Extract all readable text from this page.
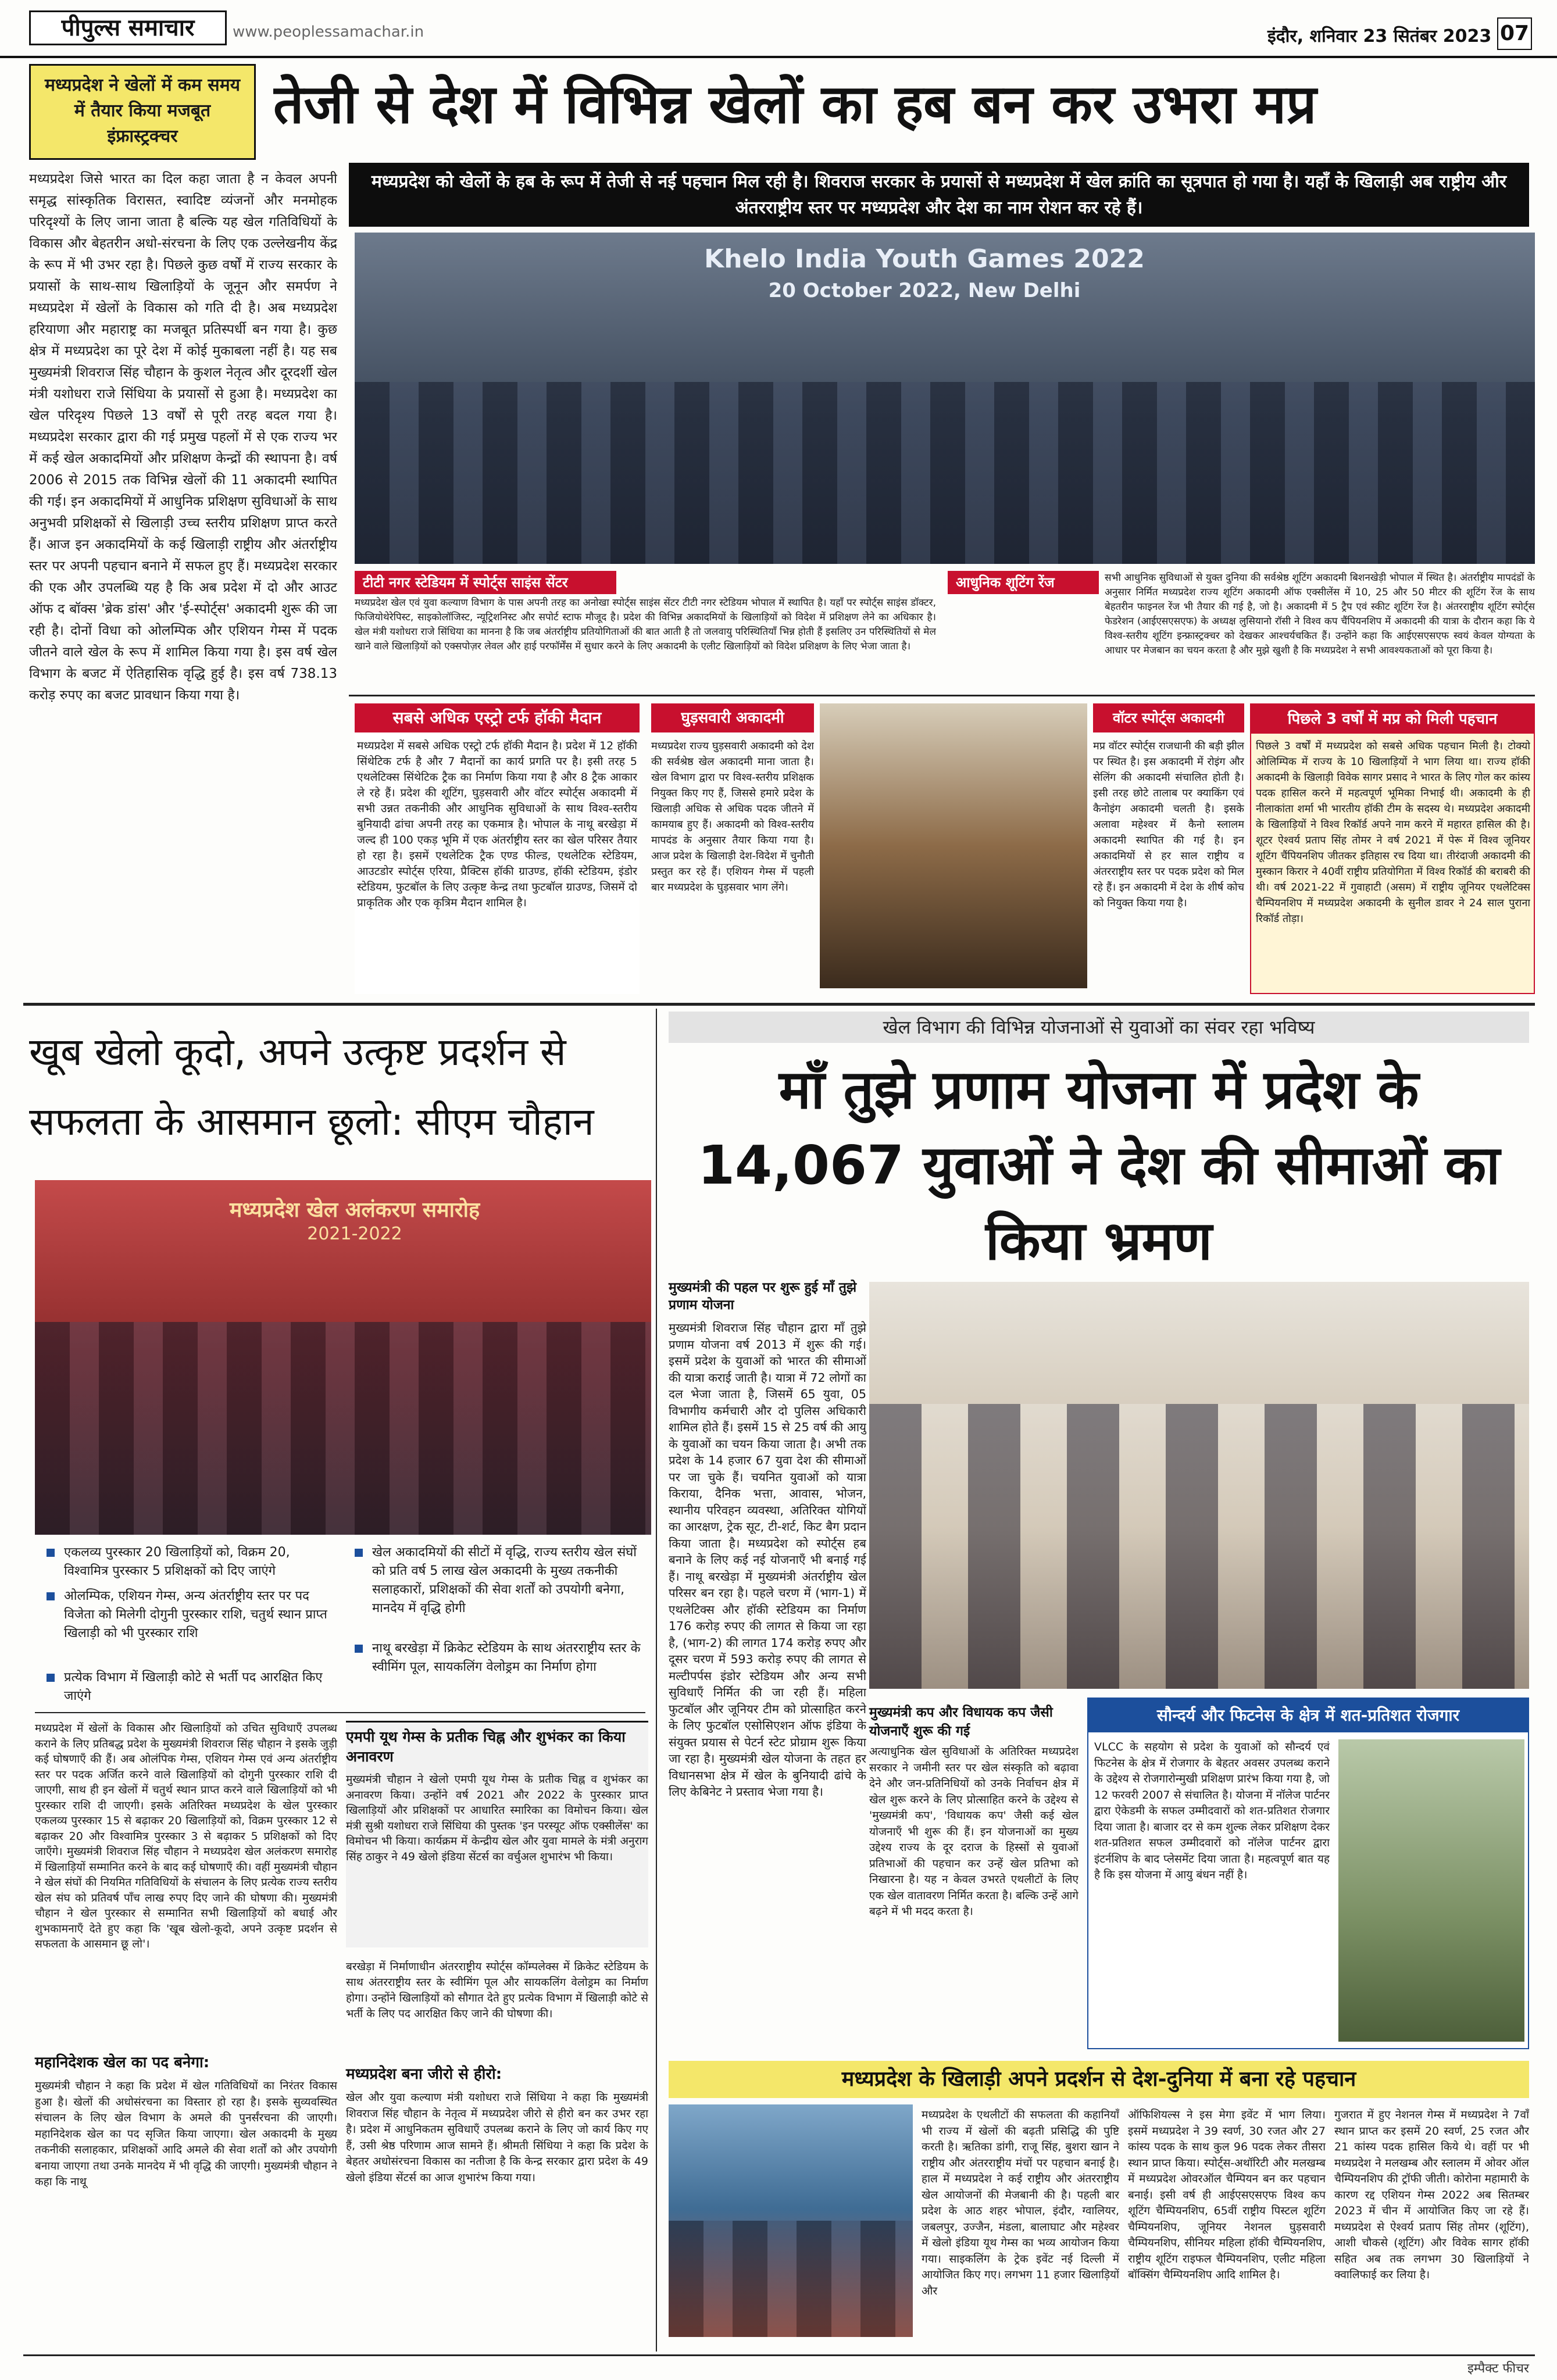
पीपुल्स समाचार	www.peoplessamachar.in	इंदौर, शनिवार 23 सितंबर 2023 07
मध्यप्रदेश ने खेलों में कम समय में तैयार किया मजबूत इंफ्रास्ट्रक्चर
तेजी से देश में विभिन्न खेलों का हब बन कर उभरा मप्र
मध्यप्रदेश जिसे भारत का दिल कहा जाता है न केवल अपनी समृद्ध सांस्कृतिक विरासत, स्वादिष्ट व्यंजनों और मनमोहक परिदृश्यों के लिए जाना जाता है बल्कि यह खेल गतिविधियों के विकास और बेहतरीन अधो-संरचना के लिए एक उल्लेखनीय केंद्र के रूप में भी उभर रहा है। पिछले कुछ वर्षों में राज्य सरकार के प्रयासों के साथ-साथ खिलाड़ियों के जूनून और समर्पण ने मध्यप्रदेश में खेलों के विकास को गति दी है। अब मध्यप्रदेश हरियाणा और महाराष्ट्र का मजबूत प्रतिस्पर्धी बन गया है। कुछ क्षेत्र में मध्यप्रदेश का पूरे देश में कोई मुकाबला नहीं है। यह सब मुख्यमंत्री शिवराज सिंह चौहान के कुशल नेतृत्व और दूरदर्शी खेल मंत्री यशोधरा राजे सिंधिया के प्रयासों से हुआ है। मध्यप्रदेश का खेल परिदृश्य पिछले 13 वर्षों से पूरी तरह बदल गया है। मध्यप्रदेश सरकार द्वारा की गई प्रमुख पहलों में से एक राज्य भर में कई खेल अकादमियों और प्रशिक्षण केन्द्रों की स्थापना है। वर्ष 2006 से 2015 तक विभिन्न खेलों की 11 अकादमी स्थापित की गई। इन अकादमियों में आधुनिक प्रशिक्षण सुविधाओं के साथ अनुभवी प्रशिक्षकों से खिलाड़ी उच्च स्तरीय प्रशिक्षण प्राप्त करते हैं। आज इन अकादमियों के कई खिलाड़ी राष्ट्रीय और अंतर्राष्ट्रीय स्तर पर अपनी पहचान बनाने में सफल हुए हैं। मध्यप्रदेश सरकार की एक और उपलब्धि यह है कि अब प्रदेश में दो और आउट ऑफ द बॉक्स 'ब्रेक डांस' और 'ई-स्पोर्ट्स' अकादमी शुरू की जा रही है। दोनों विधा को ओलम्पिक और एशियन गेम्स में पदक जीतने वाले खेल के रूप में शामिल किया गया है। इस वर्ष खेल विभाग के बजट में ऐतिहासिक वृद्धि हुई है। इस वर्ष 738.13 करोड़ रुपए का बजट प्रावधान किया गया है।
मध्यप्रदेश को खेलों के हब के रूप में तेजी से नई पहचान मिल रही है। शिवराज सरकार के प्रयासों से मध्यप्रदेश में खेल क्रांति का सूत्रपात हो गया है। यहाँ के खिलाड़ी अब राष्ट्रीय और अंतरराष्ट्रीय स्तर पर मध्यप्रदेश और देश का नाम रोशन कर रहे हैं।
Khelo India Youth Games 2022
20 October 2022, New Delhi
टीटी नगर स्टेडियम में स्पोर्ट्स साइंस सेंटर
मध्यप्रदेश खेल एवं युवा कल्याण विभाग के पास अपनी तरह का अनोखा स्पोर्ट्स साइंस सेंटर टीटी नगर स्टेडियम भोपाल में स्थापित है। यहाँ पर स्पोर्ट्स साइंस डॉक्टर, फिजियोथेरेपिस्ट, साइकोलॉजिस्ट, न्यूट्रिशनिस्ट और सपोर्ट स्टाफ मौजूद है। प्रदेश की विभिन्न अकादमियों के खिलाड़ियों को विदेश में प्रशिक्षण लेने का अधिकार है। खेल मंत्री यशोधरा राजे सिंधिया का मानना है कि जब अंतर्राष्ट्रीय प्रतियोगिताओं की बात आती है तो जलवायु परिस्थितियाँ भिन्न होती हैं इसलिए उन परिस्थितियों से मेल खाने वाले खिलाड़ियों को एक्सपोज़र लेवल और हाई परफॉर्मेंस में सुधार करने के लिए अकादमी के एलीट खिलाड़ियों को विदेश प्रशिक्षण के लिए भेजा जाता है।
आधुनिक शूटिंग रेंज	सभी आधुनिक सुविधाओं से युक्त दुनिया की सर्वश्रेष्ठ शूटिंग अकादमी बिशनखेड़ी भोपाल में स्थित है। अंतर्राष्ट्रीय मापदंडों के अनुसार निर्मित मध्यप्रदेश राज्य शूटिंग अकादमी ऑफ एक्सीलेंस में 10, 25 और 50 मीटर की शूटिंग रेंज के साथ बेहतरीन फाइनल रेंज भी तैयार की गई है, जो है। अकादमी में 5 ट्रैप एवं स्कीट शूटिंग रेंज है। अंतरराष्ट्रीय शूटिंग स्पोर्ट्स फेडरेशन (आईएसएसएफ) के अध्यक्ष लुसियानो रॉसी ने विश्व कप चैंपियनशिप में अकादमी की यात्रा के दौरान कहा कि ये विश्व-स्तरीय शूटिंग इन्फ्रास्ट्रक्चर को देखकर आश्चर्यचकित हैं। उन्होंने कहा कि आईएसएसएफ स्वयं केवल योग्यता के आधार पर मेजबान का चयन करता है और मुझे खुशी है कि मध्यप्रदेश ने सभी आवश्यकताओं को पूरा किया है।
सबसे अधिक एस्ट्रो टर्फ हॉकी मैदान
मध्यप्रदेश में सबसे अधिक एस्ट्रो टर्फ हॉकी मैदान है। प्रदेश में 12 हॉकी सिंथेटिक टर्फ है और 7 मैदानों का कार्य प्रगति पर है। इसी तरह 5 एथलेटिक्स सिंथेटिक ट्रैक का निर्माण किया गया है और 8 ट्रैक आकार ले रहे हैं। प्रदेश की शूटिंग, घुड़सवारी और वॉटर स्पोर्ट्स अकादमी में सभी उन्नत तकनीकी और आधुनिक सुविधाओं के साथ विश्व-स्तरीय बुनियादी ढांचा अपनी तरह का एकमात्र है। भोपाल के नाथू बरखेड़ा में जल्द ही 100 एकड़ भूमि में एक अंतर्राष्ट्रीय स्तर का खेल परिसर तैयार हो रहा है। इसमें एथलेटिक ट्रैक एण्ड फील्ड, एथलेटिक स्टेडियम, आउटडोर स्पोर्ट्स एरिया, प्रैक्टिस हॉकी ग्राउण्ड, हॉकी स्टेडियम, इंडोर स्टेडियम, फुटबॉल के लिए उत्कृष्ट केन्द्र तथा फुटबॉल ग्राउण्ड, जिसमें दो प्राकृतिक और एक कृत्रिम मैदान शामिल है।
घुड़सवारी अकादमी
मध्यप्रदेश राज्य घुड़सवारी अकादमी को देश की सर्वश्रेष्ठ खेल अकादमी माना जाता है। खेल विभाग द्वारा पर विश्व-स्तरीय प्रशिक्षक नियुक्त किए गए हैं, जिससे हमारे प्रदेश के खिलाड़ी अधिक से अधिक पदक जीतने में कामयाब हुए हैं। अकादमी को विश्व-स्तरीय मापदंड के अनुसार तैयार किया गया है। आज प्रदेश के खिलाड़ी देश-विदेश में चुनौती प्रस्तुत कर रहे हैं। एशियन गेम्स में पहली बार मध्यप्रदेश के घुड़सवार भाग लेंगे।
वॉटर स्पोर्ट्स अकादमी
मप्र वॉटर स्पोर्ट्स राजधानी की बड़ी झील पर स्थित है। इस अकादमी में रोइंग और सेलिंग की अकादमी संचालित होती है। इसी तरह छोटे तालाब पर क्याकिंग एवं कैनोइंग अकादमी चलती है। इसके अलावा महेश्वर में कैनो स्लालम अकादमी स्थापित की गई है। इन अकादमियों से हर साल राष्ट्रीय व अंतरराष्ट्रीय स्तर पर पदक प्रदेश को मिल रहे हैं। इन अकादमी में देश के शीर्ष कोच को नियुक्त किया गया है।
पिछले 3 वर्षों में मप्र को मिली पहचान
पिछले 3 वर्षों में मध्यप्रदेश को सबसे अधिक पहचान मिली है। टोक्यो ओलिम्पिक में राज्य के 10 खिलाड़ियों ने भाग लिया था। राज्य हॉकी अकादमी के खिलाड़ी विवेक सागर प्रसाद ने भारत के लिए गोल कर कांस्य पदक हासिल करने में महत्वपूर्ण भूमिका निभाई थी। अकादमी के ही नीलाकांता शर्मा भी भारतीय हॉकी टीम के सदस्य थे। मध्यप्रदेश अकादमी के खिलाड़ियों ने विश्व रिकॉर्ड अपने नाम करने में महारत हासिल की है। शूटर ऐश्वर्य प्रताप सिंह तोमर ने वर्ष 2021 में पेरू में विश्व जूनियर शूटिंग चैंपियनशिप जीतकर इतिहास रच दिया था। तीरंदाजी अकादमी की मुस्कान किरार ने 40वीं राष्ट्रीय प्रतियोगिता में विश्व रिकॉर्ड की बराबरी की थी। वर्ष 2021-22 में गुवाहाटी (असम) में राष्ट्रीय जूनियर एथलेटिक्स चैम्पियनशिप में मध्यप्रदेश अकादमी के सुनील डावर ने 24 साल पुराना रिकॉर्ड तोड़ा।
खूब खेलो कूदो, अपने उत्कृष्ट प्रदर्शन से सफलता के आसमान छूलो: सीएम चौहान
मध्यप्रदेश खेल अलंकरण समारोह
2021-2022
एकलव्य पुरस्कार 20 खिलाड़ियों को, विक्रम 20, विश्वामित्र पुरस्कार 5 प्रशिक्षकों को दिए जाएंगे
ओलम्पिक, एशियन गेम्स, अन्य अंतर्राष्ट्रीय स्तर पर पद विजेता को मिलेगी दोगुनी पुरस्कार राशि, चतुर्थ स्थान प्राप्त खिलाड़ी को भी पुरस्कार राशि
प्रत्येक विभाग में खिलाड़ी कोटे से भर्ती पद आरक्षित किए जाएंगे
खेल अकादमियों की सीटों में वृद्धि, राज्य स्तरीय खेल संघों को प्रति वर्ष 5 लाख खेल अकादमी के मुख्य तकनीकी सलाहकारों, प्रशिक्षकों की सेवा शर्तों को उपयोगी बनेगा, मानदेय में वृद्धि होगी
नाथू बरखेड़ा में क्रिकेट स्टेडियम के साथ अंतरराष्ट्रीय स्तर के स्वीमिंग पूल, सायकलिंग वेलोड्रम का निर्माण होगा
मध्यप्रदेश में खेलों के विकास और खिलाड़ियों को उचित सुविधाएँ उपलब्ध कराने के लिए प्रतिबद्ध प्रदेश के मुख्यमंत्री शिवराज सिंह चौहान ने इसके जुड़ी कई घोषणाएँ की हैं। अब ओलंपिक गेम्स, एशियन गेम्स एवं अन्य अंतर्राष्ट्रीय स्तर पर पदक अर्जित करने वाले खिलाड़ियों को दोगुनी पुरस्कार राशि दी जाएगी, साथ ही इन खेलों में चतुर्थ स्थान प्राप्त करने वाले खिलाड़ियों को भी पुरस्कार राशि दी जाएगी। इसके अतिरिक्त मध्यप्रदेश के खेल पुरस्कार एकलव्य पुरस्कार 15 से बढ़ाकर 20 खिलाड़ियों को, विक्रम पुरस्कार 12 से बढ़ाकर 20 और विश्वामित्र पुरस्कार 3 से बढ़ाकर 5 प्रशिक्षकों को दिए जाएँगे। मुख्यमंत्री शिवराज सिंह चौहान ने मध्यप्रदेश खेल अलंकरण समारोह में खिलाड़ियों सम्मानित करने के बाद कई घोषणाएँ की। वहीं मुख्यमंत्री चौहान ने खेल संघों की नियमित गतिविधियों के संचालन के लिए प्रत्येक राज्य स्तरीय खेल संघ को प्रतिवर्ष पाँच लाख रुपए दिए जाने की घोषणा की। मुख्यमंत्री चौहान ने खेल पुरस्कार से सम्मानित सभी खिलाड़ियों को बधाई और शुभकामनाएँ देते हुए कहा कि 'खूब खेलो-कूदो, अपने उत्कृष्ट प्रदर्शन से सफलता के आसमान छू लो'।
महानिदेशक खेल का पद बनेगा:
मुख्यमंत्री चौहान ने कहा कि प्रदेश में खेल गतिविधियों का निरंतर विकास हुआ है। खेलों की अधोसंरचना का विस्तार हो रहा है। इसके सुव्यवस्थित संचालन के लिए खेल विभाग के अमले की पुनर्संरचना की जाएगी। महानिदेशक खेल का पद सृजित किया जाएगा। खेल अकादमी के मुख्य तकनीकी सलाहकार, प्रशिक्षकों आदि अमले की सेवा शर्तों को और उपयोगी बनाया जाएगा तथा उनके मानदेय में भी वृद्धि की जाएगी। मुख्यमंत्री चौहान ने कहा कि नाथू
एमपी यूथ गेम्स के प्रतीक चिह्न और शुभंकर का किया अनावरण
मुख्यमंत्री चौहान ने खेलो एमपी यूथ गेम्स के प्रतीक चिह्न व शुभंकर का अनावरण किया। उन्होंने वर्ष 2021 और 2022 के पुरस्कार प्राप्त खिलाड़ियों और प्रशिक्षकों पर आधारित स्मारिका का विमोचन किया। खेल मंत्री सुश्री यशोधरा राजे सिंधिया की पुस्तक 'इन परस्यूट ऑफ एक्सीलेंस' का विमोचन भी किया। कार्यक्रम में केन्द्रीय खेल और युवा मामले के मंत्री अनुराग सिंह ठाकुर ने 49 खेलो इंडिया सेंटर्स का वर्चुअल शुभारंभ भी किया।
बरखेड़ा में निर्माणाधीन अंतरराष्ट्रीय स्पोर्ट्स कॉम्पलेक्स में क्रिकेट स्टेडियम के साथ अंतरराष्ट्रीय स्तर के स्वीमिंग पूल और सायकलिंग वेलोड्रम का निर्माण होगा। उन्होंने खिलाड़ियों को सौगात देते हुए प्रत्येक विभाग में खिलाड़ी कोटे से भर्ती के लिए पद आरक्षित किए जाने की घोषणा की।
मध्यप्रदेश बना जीरो से हीरो:
खेल और युवा कल्याण मंत्री यशोधरा राजे सिंधिया ने कहा कि मुख्यमंत्री शिवराज सिंह चौहान के नेतृत्व में मध्यप्रदेश जीरो से हीरो बन कर उभर रहा है। प्रदेश में आधुनिकतम सुविधाएँ उपलब्ध कराने के लिए जो कार्य किए गए हैं, उसी श्रेष्ठ परिणाम आज सामने हैं। श्रीमती सिंधिया ने कहा कि प्रदेश के बेहतर अधोसंरचना विकास का नतीजा है कि केन्द्र सरकार द्वारा प्रदेश के 49 खेलो इंडिया सेंटर्स का आज शुभारंभ किया गया।
खेल विभाग की विभिन्न योजनाओं से युवाओं का संवर रहा भविष्य
माँ तुझे प्रणाम योजना में प्रदेश के 14,067 युवाओं ने देश की सीमाओं का किया भ्रमण
मुख्यमंत्री की पहल पर शुरू हुई माँ तुझे प्रणाम योजना
मुख्यमंत्री शिवराज सिंह चौहान द्वारा माँ तुझे प्रणाम योजना वर्ष 2013 में शुरू की गई। इसमें प्रदेश के युवाओं को भारत की सीमाओं की यात्रा कराई जाती है। यात्रा में 72 लोगों का दल भेजा जाता है, जिसमें 65 युवा, 05 विभागीय कर्मचारी और दो पुलिस अधिकारी शामिल होते हैं। इसमें 15 से 25 वर्ष की आयु के युवाओं का चयन किया जाता है। अभी तक प्रदेश के 14 हजार 67 युवा देश की सीमाओं पर जा चुके हैं। चयनित युवाओं को यात्रा किराया, दैनिक भत्ता, आवास, भोजन, स्थानीय परिवहन व्यवस्था, अतिरिक्त योगियों का आरक्षण, ट्रेक सूट, टी-शर्ट, किट बैग प्रदान किया जाता है। मध्यप्रदेश को स्पोर्ट्स हब बनाने के लिए कई नई योजनाएँ भी बनाई गई हैं। नाथू बरखेड़ा में मुख्यमंत्री अंतर्राष्ट्रीय खेल परिसर बन रहा है। पहले चरण में (भाग-1) में एथलेटिक्स और हॉकी स्टेडियम का निर्माण 176 करोड़ रुपए की लागत से किया जा रहा है, (भाग-2) की लागत 174 करोड़ रुपए और दूसर चरण में 593 करोड़ रुपए की लागत से मल्टीपर्पस इंडोर स्टेडियम और अन्य सभी सुविधाएँ निर्मित की जा रही हैं। महिला फुटबॉल और जूनियर टीम को प्रोत्साहित करने के लिए फुटबॉल एसोसिएशन ऑफ इंडिया के संयुक्त प्रयास से पेटर्न स्टेट प्रोग्राम शुरू किया जा रहा है। मुख्यमंत्री खेल योजना के तहत हर विधानसभा क्षेत्र में खेल के बुनियादी ढांचे के लिए केबिनेट ने प्रस्ताव भेजा गया है।
मुख्यमंत्री कप और विधायक कप जैसी योजनाएँ शुरू की गई
अत्याधुनिक खेल सुविधाओं के अतिरिक्त मध्यप्रदेश सरकार ने जमीनी स्तर पर खेल संस्कृति को बढ़ावा देने और जन-प्रतिनिधियों को उनके निर्वाचन क्षेत्र में खेल शुरू करने के लिए प्रोत्साहित करने के उद्देश्य से 'मुख्यमंत्री कप', 'विधायक कप' जैसी कई खेल योजनाएँ भी शुरू की हैं। इन योजनाओं का मुख्य उद्देश्य राज्य के दूर दराज के हिस्सों से युवाओं प्रतिभाओं की पहचान कर उन्हें खेल प्रतिभा को निखारना है। यह न केवल उभरते एथलीटों के लिए एक खेल वातावरण निर्मित करता है। बल्कि उन्हें आगे बढ़ने में भी मदद करता है।
सौन्दर्य और फिटनेस के क्षेत्र में शत-प्रतिशत रोजगार
VLCC के सहयोग से प्रदेश के युवाओं को सौन्दर्य एवं फिटनेस के क्षेत्र में रोजगार के बेहतर अवसर उपलब्ध कराने के उद्देश्य से रोजगारोन्मुखी प्रशिक्षण प्रारंभ किया गया है, जो 12 फरवरी 2007 से संचालित है। योजना में नॉलेज पार्टनर द्वारा ऐकेडमी के सफल उम्मीदवारों को शत-प्रतिशत रोजगार दिया जाता है। बाजार दर से कम शुल्क लेकर प्रशिक्षण देकर शत-प्रतिशत सफल उम्मीदवारों को नॉलेज पार्टनर द्वारा इंटर्नशिप के बाद प्लेसमेंट दिया जाता है। महत्वपूर्ण बात यह है कि इस योजना में आयु बंधन नहीं है।
मध्यप्रदेश के खिलाड़ी अपने प्रदर्शन से देश-दुनिया में बना रहे पहचान
मध्यप्रदेश के एथलीटों की सफलता की कहानियाँ भी राज्य में खेलों की बढ़ती प्रसिद्धि की पुष्टि करती है। ऋतिका डांगी, राजू सिंह, बुशरा खान ने राष्ट्रीय और अंतरराष्ट्रीय मंचों पर पहचान बनाई है। हाल में मध्यप्रदेश ने कई राष्ट्रीय और अंतरराष्ट्रीय खेल आयोजनों की मेजबानी की है। पहली बार प्रदेश के आठ शहर भोपाल, इंदौर, ग्वालियर, जबलपुर, उज्जैन, मंडला, बालाघाट और महेश्वर में खेलो इंडिया यूथ गेम्स का भव्य आयोजन किया गया। साइकलिंग के ट्रेक इवेंट नई दिल्ली में आयोजित किए गए। लगभग 11 हजार खिलाड़ियों और
ऑफिशियल्स ने इस मेगा इवेंट में भाग लिया। इसमें मध्यप्रदेश ने 39 स्वर्ण, 30 रजत और 27 कांस्य पदक के साथ कुल 96 पदक लेकर तीसरा स्थान प्राप्त किया। स्पोर्ट्स-अथॉरिटी और मलखम्ब में मध्यप्रदेश ओवरऑल चैम्पियन बन कर पहचान बनाई। इसी वर्ष ही आईएसएसएफ विश्व कप शूटिंग चैम्पियनशिप, 65वीं राष्ट्रीय पिस्टल शूटिंग चैम्पियनशिप, जूनियर नेशनल घुड़सवारी चैम्पियनशिप, सीनियर महिला हॉकी चैम्पियनशिप, राष्ट्रीय शूटिंग राइफल चैम्पियनशिप, एलीट महिला बॉक्सिंग चैम्पियनशिप आदि शामिल है।
गुजरात में हुए नेशनल गेम्स में मध्यप्रदेश ने 7वाँ स्थान प्राप्त कर इसमें 20 स्वर्ण, 25 रजत और 21 कांस्य पदक हासिल किये थे। वहीं पर भी मध्यप्रदेश ने मलखम्ब और स्लालम में ओवर ऑल चैम्पियनशिप की ट्रॉफी जीती। कोरोना महामारी के कारण रद्द एशियन गेम्स 2022 अब सितम्बर 2023 में चीन में आयोजित किए जा रहे हैं। मध्यप्रदेश से ऐश्वर्य प्रताप सिंह तोमर (शूटिंग), आशी चौकसे (शूटिंग) और विवेक सागर हॉकी सहित अब तक लगभग 30 खिलाड़ियों ने क्वालिफाई कर लिया है।
इम्पैक्ट फीचर
